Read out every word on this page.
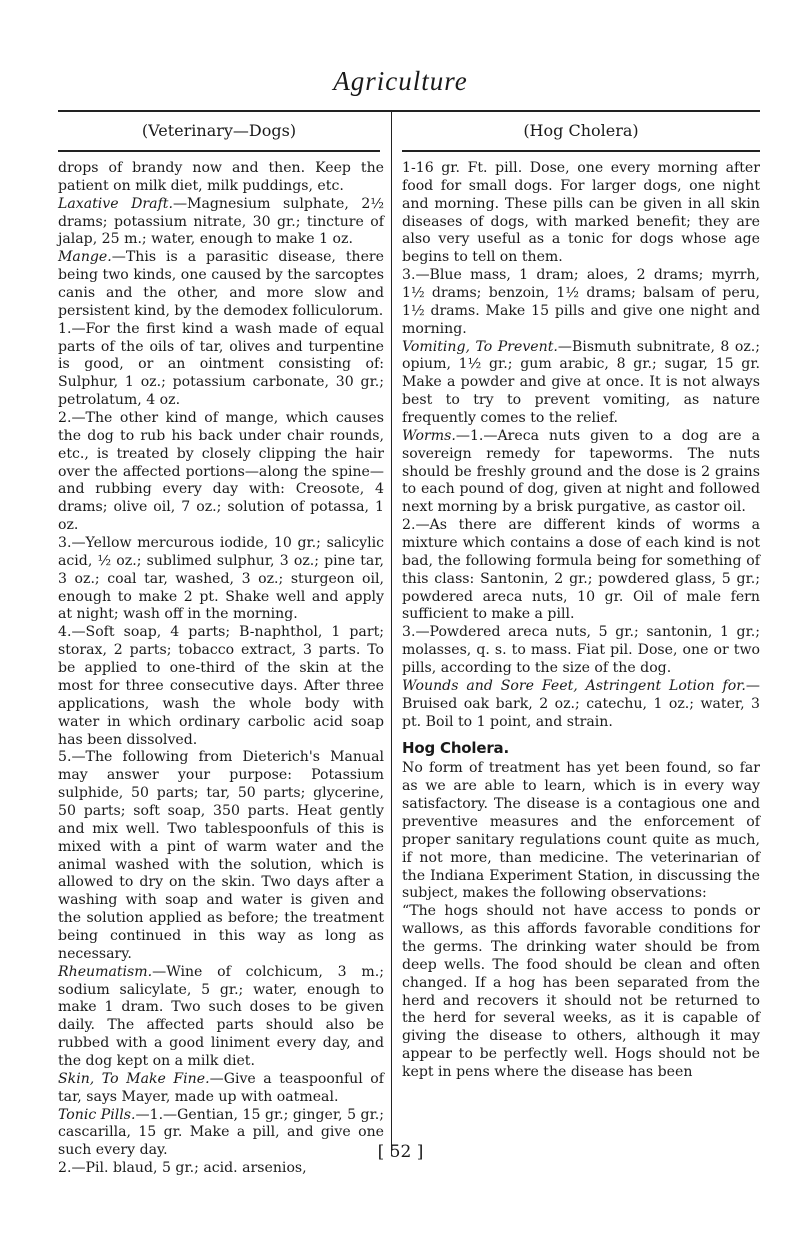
Agriculture
(Veterinary—Dogs)	(Hog Cholera)

drops of brandy now and then. Keep the patient on milk diet, milk puddings, etc.

Laxative Draft.—Magnesium sulphate, 2½ drams; potassium nitrate, 30 gr.; tincture of jalap, 25 m.; water, enough to make 1 oz.

Mange.—This is a parasitic disease, there being two kinds, one caused by the sarcoptes canis and the other, and more slow and persistent kind, by the demodex folliculorum.

1.—For the first kind a wash made of equal parts of the oils of tar, olives and turpentine is good, or an ointment consisting of: Sulphur, 1 oz.; potassium carbonate, 30 gr.; petrolatum, 4 oz.

2.—The other kind of mange, which causes the dog to rub his back under chair rounds, etc., is treated by closely clipping the hair over the affected portions—along the spine—and rubbing every day with: Creosote, 4 drams; olive oil, 7 oz.; solution of potassa, 1 oz.

3.—Yellow mercurous iodide, 10 gr.; salicylic acid, ½ oz.; sublimed sulphur, 3 oz.; pine tar, 3 oz.; coal tar, washed, 3 oz.; sturgeon oil, enough to make 2 pt. Shake well and apply at night; wash off in the morning.

4.—Soft soap, 4 parts; B-naphthol, 1 part; storax, 2 parts; tobacco extract, 3 parts. To be applied to one-third of the skin at the most for three consecutive days. After three applications, wash the whole body with water in which ordinary carbolic acid soap has been dissolved.

5.—The following from Dieterich's Manual may answer your purpose: Potassium sulphide, 50 parts; tar, 50 parts; glycerine, 50 parts; soft soap, 350 parts. Heat gently and mix well. Two tablespoonfuls of this is mixed with a pint of warm water and the animal washed with the solution, which is allowed to dry on the skin. Two days after a washing with soap and water is given and the solution applied as before; the treatment being continued in this way as long as necessary.

Rheumatism.—Wine of colchicum, 3 m.; sodium salicylate, 5 gr.; water, enough to make 1 dram. Two such doses to be given daily. The affected parts should also be rubbed with a good liniment every day, and the dog kept on a milk diet.

Skin, To Make Fine.—Give a teaspoonful of tar, says Mayer, made up with oatmeal.

Tonic Pills.—1.—Gentian, 15 gr.; ginger, 5 gr.; cascarilla, 15 gr. Make a pill, and give one such every day.

2.—Pil. blaud, 5 gr.; acid. arsenios,

1-16 gr. Ft. pill. Dose, one every morning after food for small dogs. For larger dogs, one night and morning. These pills can be given in all skin diseases of dogs, with marked benefit; they are also very useful as a tonic for dogs whose age begins to tell on them.

3.—Blue mass, 1 dram; aloes, 2 drams; myrrh, 1½ drams; benzoin, 1½ drams; balsam of peru, 1½ drams. Make 15 pills and give one night and morning.

Vomiting, To Prevent.—Bismuth subnitrate, 8 oz.; opium, 1½ gr.; gum arabic, 8 gr.; sugar, 15 gr. Make a powder and give at once. It is not always best to try to prevent vomiting, as nature frequently comes to the relief.

Worms.—1.—Areca nuts given to a dog are a sovereign remedy for tapeworms. The nuts should be freshly ground and the dose is 2 grains to each pound of dog, given at night and followed next morning by a brisk purgative, as castor oil.

2.—As there are different kinds of worms a mixture which contains a dose of each kind is not bad, the following formula being for something of this class: Santonin, 2 gr.; powdered glass, 5 gr.; powdered areca nuts, 10 gr. Oil of male fern sufficient to make a pill.

3.—Powdered areca nuts, 5 gr.; santonin, 1 gr.; molasses, q. s. to mass. Fiat pil. Dose, one or two pills, according to the size of the dog.

Wounds and Sore Feet, Astringent Lotion for.—Bruised oak bark, 2 oz.; catechu, 1 oz.; water, 3 pt. Boil to 1 point, and strain.

Hog Cholera.

No form of treatment has yet been found, so far as we are able to learn, which is in every way satisfactory. The disease is a contagious one and preventive measures and the enforcement of proper sanitary regulations count quite as much, if not more, than medicine. The veterinarian of the Indiana Experiment Station, in discussing the subject, makes the following observations:

“The hogs should not have access to ponds or wallows, as this affords favorable conditions for the germs. The drinking water should be from deep wells. The food should be clean and often changed. If a hog has been separated from the herd and recovers it should not be returned to the herd for several weeks, as it is capable of giving the disease to others, although it may appear to be perfectly well. Hogs should not be kept in pens where the disease has been

[ 52 ]
